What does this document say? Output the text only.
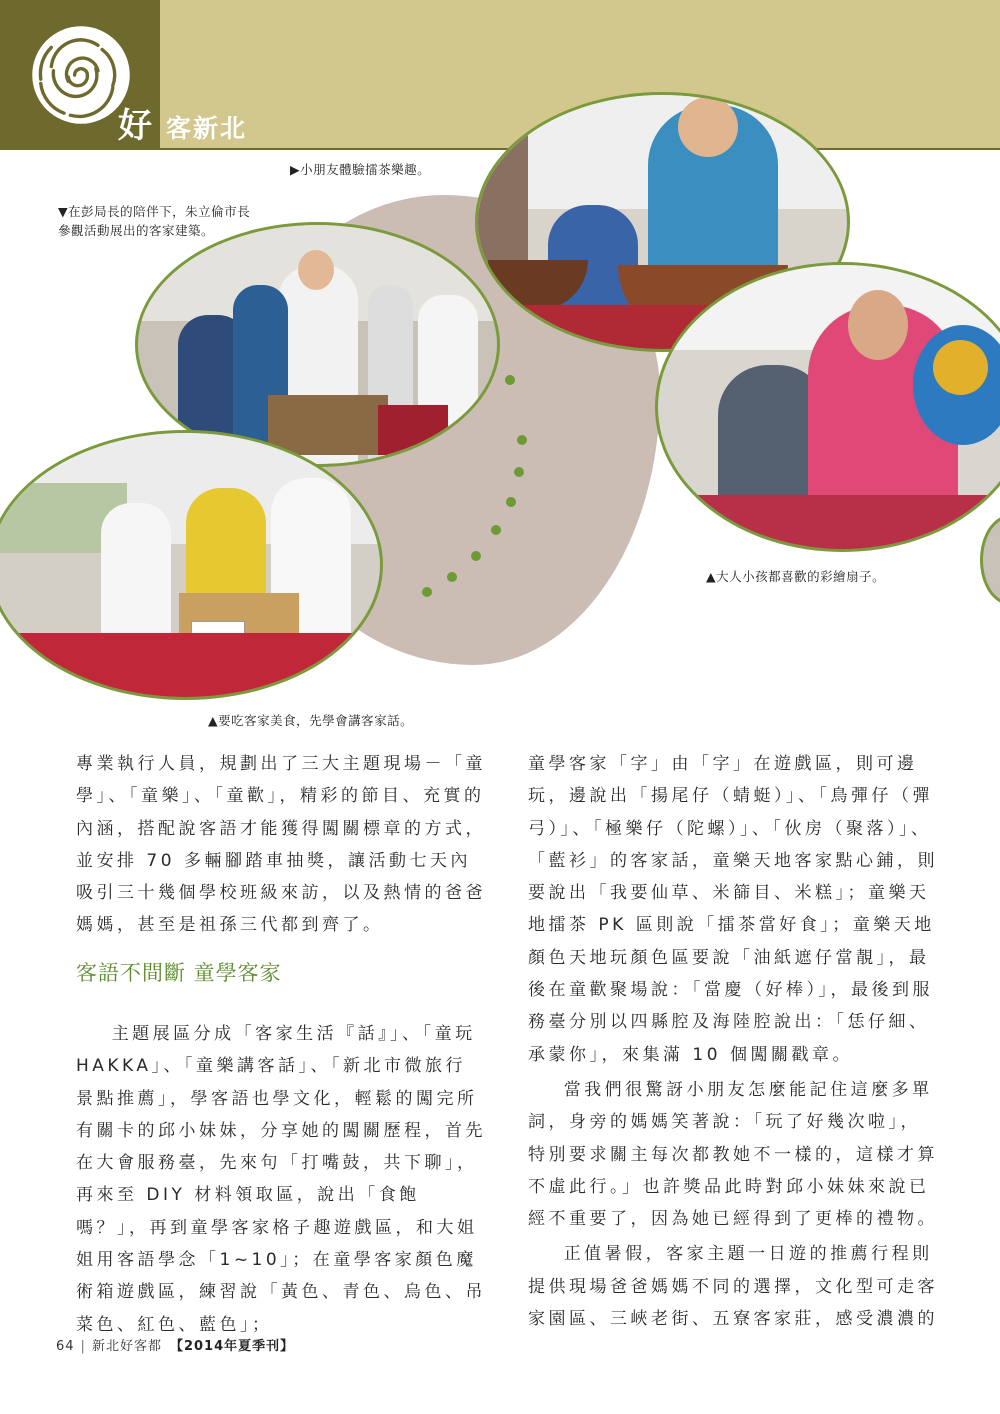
好 客新北
▶小朋友體驗擂茶樂趣。
▼在彭局長的陪伴下，朱立倫市長
參觀活動展出的客家建築。
▲大人小孩都喜歡的彩繪扇子。
▲要吃客家美食，先學會講客家話。

專業執行人員，規劃出了三大主題現場－「童學」、「童樂」、「童歡」，精彩的節目、充實的內涵，搭配說客語才能獲得闖關標章的方式，並安排 70 多輛腳踏車抽獎，讓活動七天內吸引三十幾個學校班級來訪，以及熱情的爸爸媽媽，甚至是祖孫三代都到齊了。

客語不間斷 童學客家

主題展區分成「客家生活『話』」、「童玩 HAKKA」、「童樂講客話」、「新北市微旅行景點推薦」，學客語也學文化，輕鬆的闖完所有關卡的邱小妹妹，分享她的闖關歷程，首先在大會服務臺，先來句「打嘴鼓，共下聊」，再來至 DIY 材料領取區，說出「食飽嗎？」，再到童學客家格子趣遊戲區，和大姐姐用客語學念「1~10」；在童學客家顏色魔術箱遊戲區，練習說「黃色、青色、烏色、吊菜色、紅色、藍色」；

童學客家「字」由「字」在遊戲區，則可邊玩，邊說出「揚尾仔（蜻蜓）」、「鳥彈仔（彈弓）」、「極樂仔（陀螺）」、「伙房（聚落）」、「藍衫」的客家話，童樂天地客家點心鋪，則要說出「我要仙草、米篩目、米糕」；童樂天地擂茶 PK 區則說「擂茶當好食」；童樂天地顏色天地玩顏色區要說「油紙遮仔當靚」，最後在童歡聚場說：「當慶（好棒）」，最後到服務臺分別以四縣腔及海陸腔說出：「恁仔細、承蒙你」，來集滿 10 個闖關戳章。

當我們很驚訝小朋友怎麼能記住這麼多單詞，身旁的媽媽笑著說：「玩了好幾次啦」，特別要求關主每次都教她不一樣的，這樣才算不虛此行。」也許獎品此時對邱小妹妹來說已經不重要了，因為她已經得到了更棒的禮物。

正值暑假，客家主題一日遊的推薦行程則提供現場爸爸媽媽不同的選擇，文化型可走客家園區、三峽老街、五寮客家莊，感受濃濃的

64 | 新北好客都 【2014年夏季刊】
